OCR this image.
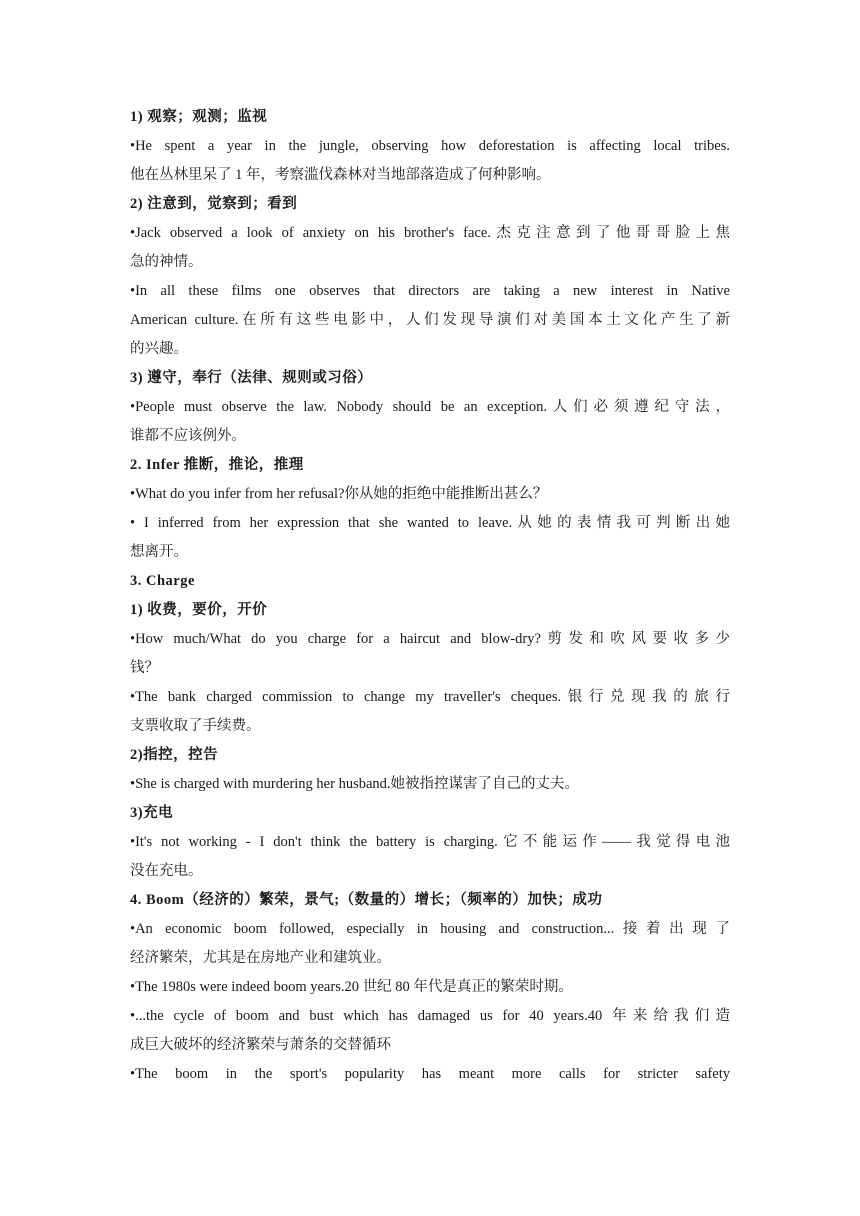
1) 观察；观测；监视
•He spent a year in the jungle, observing how deforestation is affecting local tribes.
他在丛林里呆了 1 年，考察滥伐森林对当地部落造成了何种影响。
2) 注意到，觉察到；看到
•Jack observed a look of anxiety on his brother's face.杰克注意到了他哥哥脸上焦
急的神情。
•In all these films one observes that directors are taking a new interest in Native
American culture.在所有这些电影中，人们发现导演们对美国本土文化产生了新
的兴趣。
3) 遵守，奉行（法律、规则或习俗）
•People must observe the law. Nobody should be an exception.人们必须遵纪守法，
谁都不应该例外。
2. Infer 推断，推论，推理
•What do you infer from her refusal?你从她的拒绝中能推断出甚么？
• I inferred from her expression that she wanted to leave.从她的表情我可判断出她
想离开。
3. Charge
1) 收费，要价，开价
•How much/What do you charge for a haircut and blow-dry?剪发和吹风要收多少
钱？
•The bank charged commission to change my traveller's cheques.银行兑现我的旅行
支票收取了手续费。
2)指控，控告
•She is charged with murdering her husband.她被指控谋害了自己的丈夫。
3)充电
•It's not working - I don't think the battery is charging.它不能运作——我觉得电池
没在充电。
4. Boom（经济的）繁荣，景气;（数量的）增长；（频率的）加快；成功
•An economic boom followed, especially in housing and construction...接着出现了
经济繁荣，尤其是在房地产业和建筑业。
•The 1980s were indeed boom years.20 世纪 80 年代是真正的繁荣时期。
•...the cycle of boom and bust which has damaged us for 40 years.40 年来给我们造
成巨大破坏的经济繁荣与萧条的交替循环
•The boom in the sport's popularity has meant more calls for stricter safety
